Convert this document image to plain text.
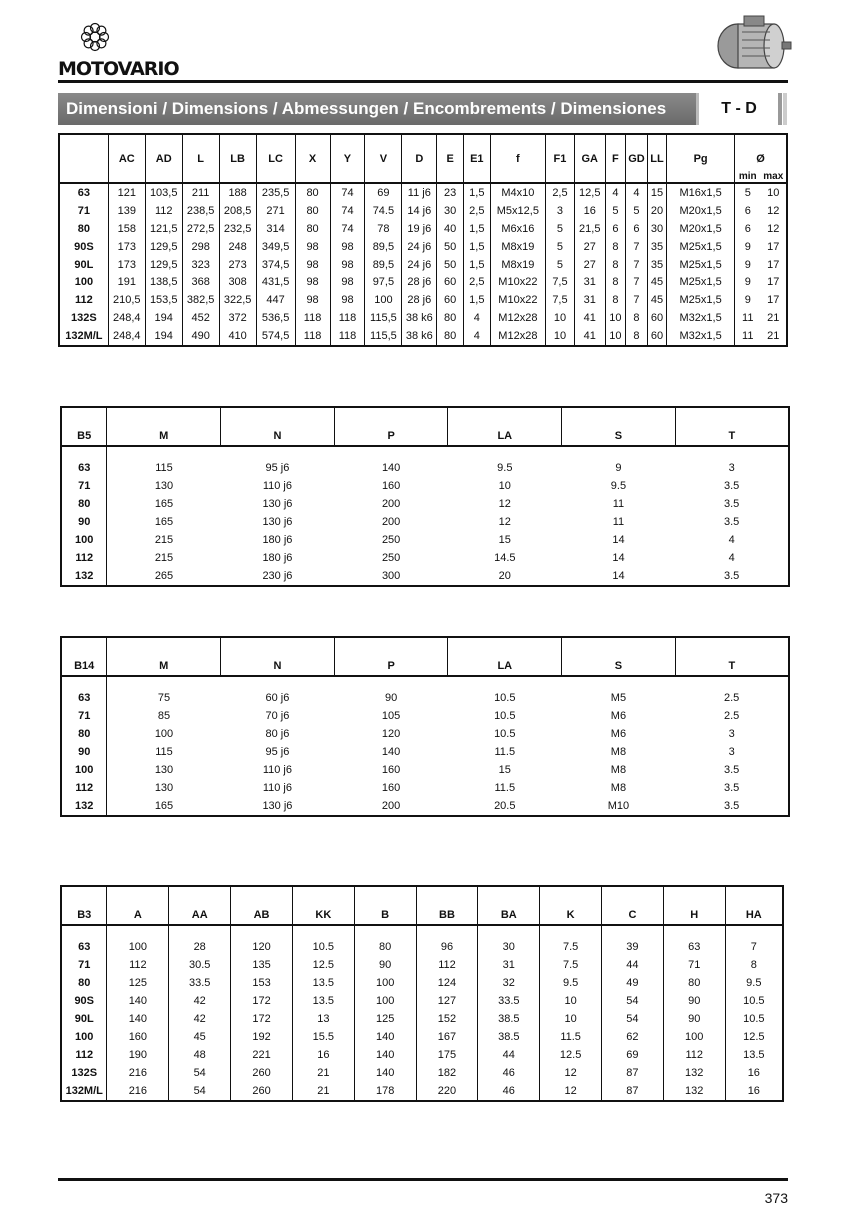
MOTOVARIO
Dimensioni / Dimensions / Abmessungen / Encombrements / Dimensiones	T - D
	AC	AD	L	LB	LC	X	Y	V	D	E	E1	f	F1	GA	F	GD	LL	Pg	Ø
																			min max
63	121	103,5	211	188	235,5	80	74	69	11 j6	23	1,5	M4x10	2,5	12,5	4	4	15	M16x1,5	5 10
71	139	112	238,5	208,5	271	80	74	74.5	14 j6	30	2,5	M5x12,5	3	16	5	5	20	M20x1,5	6 12
80	158	121,5	272,5	232,5	314	80	74	78	19 j6	40	1,5	M6x16	5	21,5	6	6	30	M20x1,5	6 12
90S	173	129,5	298	248	349,5	98	98	89,5	24 j6	50	1,5	M8x19	5	27	8	7	35	M25x1,5	9 17
90L	173	129,5	323	273	374,5	98	98	89,5	24 j6	50	1,5	M8x19	5	27	8	7	35	M25x1,5	9 17
100	191	138,5	368	308	431,5	98	98	97,5	28 j6	60	2,5	M10x22	7,5	31	8	7	45	M25x1,5	9 17
112	210,5	153,5	382,5	322,5	447	98	98	100	28 j6	60	1,5	M10x22	7,5	31	8	7	45	M25x1,5	9 17
132S	248,4	194	452	372	536,5	118	118	115,5	38 k6	80	4	M12x28	10	41	10	8	60	M32x1,5	11 21
132M/L	248,4	194	490	410	574,5	118	118	115,5	38 k6	80	4	M12x28	10	41	10	8	60	M32x1,5	11 21
B5	M	N	P	LA	S	T

63	115	95 j6	140	9.5	9	3
71	130	110 j6	160	10	9.5	3.5
80	165	130 j6	200	12	11	3.5
90	165	130 j6	200	12	11	3.5
100	215	180 j6	250	15	14	4
112	215	180 j6	250	14.5	14	4
132	265	230 j6	300	20	14	3.5
B14	M	N	P	LA	S	T

63	75	60 j6	90	10.5	M5	2.5
71	85	70 j6	105	10.5	M6	2.5
80	100	80 j6	120	10.5	M6	3
90	115	95 j6	140	11.5	M8	3
100	130	110 j6	160	15	M8	3.5
112	130	110 j6	160	11.5	M8	3.5
132	165	130 j6	200	20.5	M10	3.5
B3	A	AA	AB	KK	B	BB	BA	K	C	H	HA

63	100	28	120	10.5	80	96	30	7.5	39	63	7
71	112	30.5	135	12.5	90	112	31	7.5	44	71	8
80	125	33.5	153	13.5	100	124	32	9.5	49	80	9.5
90S	140	42	172	13.5	100	127	33.5	10	54	90	10.5
90L	140	42	172	13	125	152	38.5	10	54	90	10.5
100	160	45	192	15.5	140	167	38.5	11.5	62	100	12.5
112	190	48	221	16	140	175	44	12.5	69	112	13.5
132S	216	54	260	21	140	182	46	12	87	132	16
132M/L	216	54	260	21	178	220	46	12	87	132	16
373
